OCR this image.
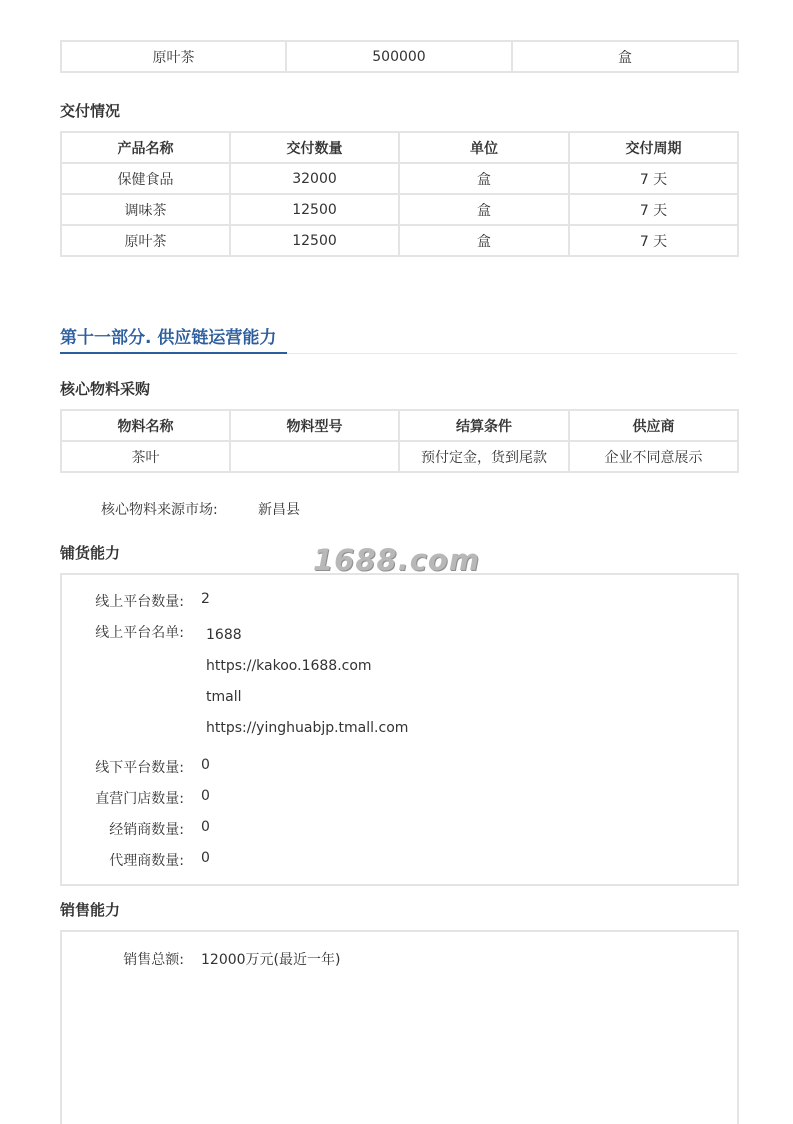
原叶茶	500000	盒
交付情况
产品名称	交付数量	单位	交付周期
保健食品	32000	盒	7 天
调味茶	12500	盒	7 天
原叶茶	12500	盒	7 天
第十一部分. 供应链运营能力
核心物料采购
物料名称	物料型号	结算条件	供应商
茶叶		预付定金，货到尾款	企业不同意展示
核心物料来源市场:	新昌县
1688.com
铺货能力
线上平台数量: 2
线上平台名单: 1688
https://kakoo.1688.com
tmall
https://yinghuabjp.tmall.com
线下平台数量: 0
直营门店数量: 0
经销商数量: 0
代理商数量: 0
销售能力
销售总额: 12000万元(最近一年)
